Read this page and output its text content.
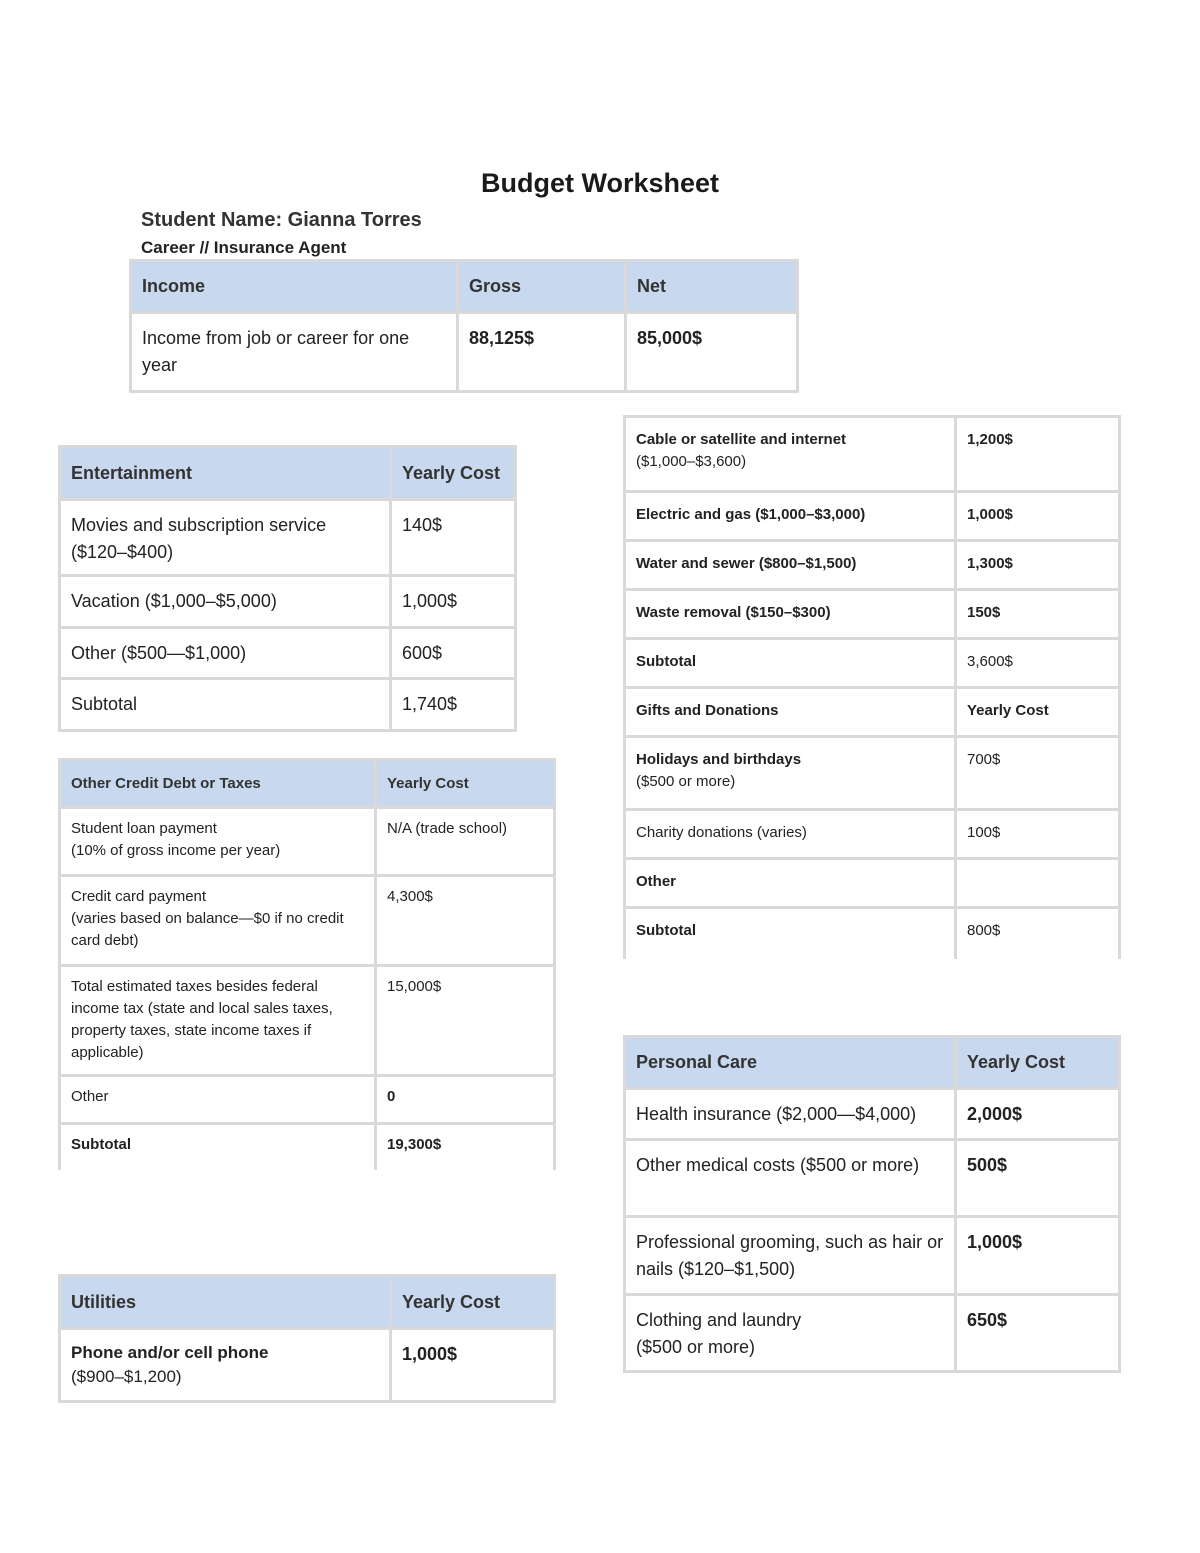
Budget Worksheet
Student Name: Gianna Torres
Career // Insurance Agent
Income	Gross	Net
Income from job or career for one year	88,125$	85,000$
Entertainment	Yearly Cost

Movies and subscription service
($120–$400)	140$
Vacation ($1,000–$5,000)	1,000$
Other ($500—$1,000)	600$
Subtotal	1,740$
Other Credit Debt or Taxes	Yearly Cost

Student loan payment
(10% of gross income per year)	N/A (trade school)

Credit card payment
(varies based on balance—$0 if no credit card debt)	4,300$
Total estimated taxes besides federal income tax (state and local sales taxes, property taxes, state income taxes if applicable)	15,000$
Other	0
Subtotal	19,300$
Utilities	Yearly Cost

Phone and/or cell phone
($900–$1,200)	1,000$
Cable or satellite and internet
($1,000–$3,600)	1,200$
Electric and gas ($1,000–$3,000)	1,000$
Water and sewer ($800–$1,500)	1,300$
Waste removal ($150–$300)	150$
Subtotal	3,600$
Gifts and Donations	Yearly Cost

Holidays and birthdays
($500 or more)	700$
Charity donations (varies)	100$
Other	
Subtotal	800$
Personal Care	Yearly Cost
Health insurance ($2,000—$4,000)	2,000$
Other medical costs ($500 or more)	500$
Professional grooming, such as hair or nails ($120–$1,500)	1,000$

Clothing and laundry
($500 or more)	650$
